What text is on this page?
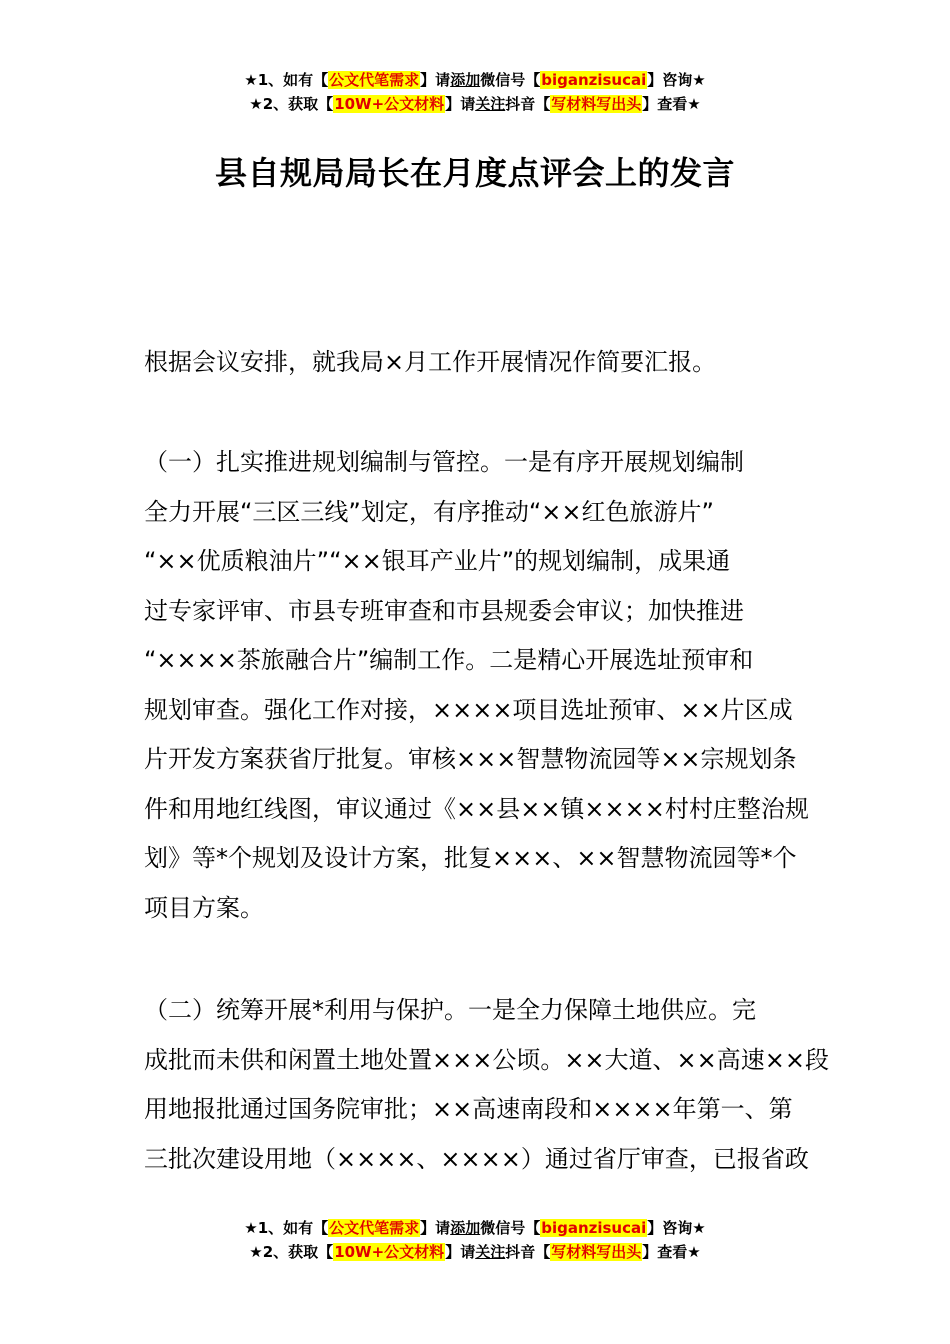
★1、如有【公文代笔需求】请添加微信号【biganzisucai】咨询★
★2、获取【10W+公文材料】请关注抖音【写材料写出头】查看★
县自规局局长在月度点评会上的发言

根据会议安排，就我局×月工作开展情况作简要汇报。

（一）扎实推进规划编制与管控。一是有序开展规划编制
全力开展“三区三线”划定，有序推动“××红色旅游片”
“××优质粮油片”“××银耳产业片”的规划编制，成果通
过专家评审、市县专班审查和市县规委会审议；加快推进
“××××茶旅融合片”编制工作。二是精心开展选址预审和
规划审查。强化工作对接，××××项目选址预审、××片区成
片开发方案获省厅批复。审核×××智慧物流园等××宗规划条
件和用地红线图，审议通过《××县××镇××××村村庄整治规
划》等*个规划及设计方案，批复×××、××智慧物流园等*个
项目方案。

（二）统筹开展*利用与保护。一是全力保障土地供应。完
成批而未供和闲置土地处置×××公顷。××大道、××高速××段
用地报批通过国务院审批；××高速南段和××××年第一、第
三批次建设用地（××××、××××）通过省厅审查，已报省政

★1、如有【公文代笔需求】请添加微信号【biganzisucai】咨询★
★2、获取【10W+公文材料】请关注抖音【写材料写出头】查看★
